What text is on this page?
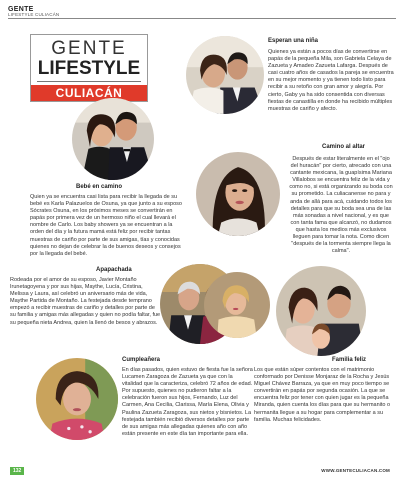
GENTE
LIFESTYLE CULIACÁN
GENTE
LIFESTYLE
CULIACÁN
Esperan una niña
Quienes ya están a pocos días de convertirse en papás de la pequeña Mila, son Gabriela Celaya de Zazueta y Amadeo Zazueta Lafarga. Después de casi cuatro años de casados la pareja se encuentra en su mejor momento y ya tienen todo listo para recibir a su retoño con gran amor y alegría. Por cierto, Gaby ya ha sido consentida con diversas fiestas de canastilla en donde ha recibido múltiples muestras de cariño y afecto.
Bebé en camino
Quien ya se encuentra casi lista para recibir la llegada de su bebé es Karla Palazuelos de Osuna, ya que junto a su esposo Sócrates Osuna, en los próximos meses se convertirán en papás por primera vez de un hermoso niño el cual llevará el nombre de Carlo. Los baby showers ya se encuentran a la orden del día y la futura mamá está feliz por recibir tantas muestras de cariño por parte de sus amigas, tías y conocidas quienes no dejan de celebrar la de buenos deseos y consejos por la llegada del bebé.
Camino al altar
Después de estar literalmente en el "ojo del huracán" por cierto, atrecado con una cantante mexicana, la guapísima Mariana Villalobos se encuentra feliz de la vida y como no, si está organizando su boda con su prometido. La culiacanense no para y anda de allá para acá, cuidando todos los detalles para que su boda sea una de las más sonadas a nivel nacional, y es que con tanta fama que alcanzó, no dudamos que hasta los medios más exclusivos lleguen para tomar la nota. Como dicen "después de la tormenta siempre llega la calma".
Apapachada
Rodeada por el amor de su esposo, Javier Montaño Irunetagoyena y por sus hijas, Maythe, Lucía, Cristina, Melissa y Laura, así celebró un aniversario más de vida, Maythe Partida de Montaño. La festejada desde temprano empezó a recibir muestras de cariño y detalles por parte de su familia y amigas más allegadas y quien no podía faltar, fue su pequeña nieta Andrea, quien la llenó de besos y abrazos.
Familia feliz
Los que están súper contentos con el matrimonio conformado por Denisse Monjaraz de la Rocha y Jesús Miguel Chávez Barraza, ya que en muy poco tiempo se convertirán en papás por segunda ocasión. La que se encuentra feliz por tener con quien jugar es la pequeña Miranda, quien cuenta los días para que su hermanito o hermanita llegue a su hogar para complementar a su familia. Muchas felicidades.
Cumpleañera
En días pasados, quien estuvo de fiesta fue la señora Lucamen Zaragoza de Zazueta ya que con la vitalidad que la caracteriza, celebró 72 años de edad. Por supuesto, quienes no pudieron faltar a la celebración fueron sus hijos, Fernando, Luz del Carmen, Ana Cecilia, Clarissa, María Elena, Olivia y Paulina Zazueta Zaragoza, sus nietos y bisnietos. La festejada también recibió diversos detalles por parte de sus amigas más allegadas quienes año con año están presente en este día tan importante para ella.
132	WWW.GENTECULIACAN.COM
